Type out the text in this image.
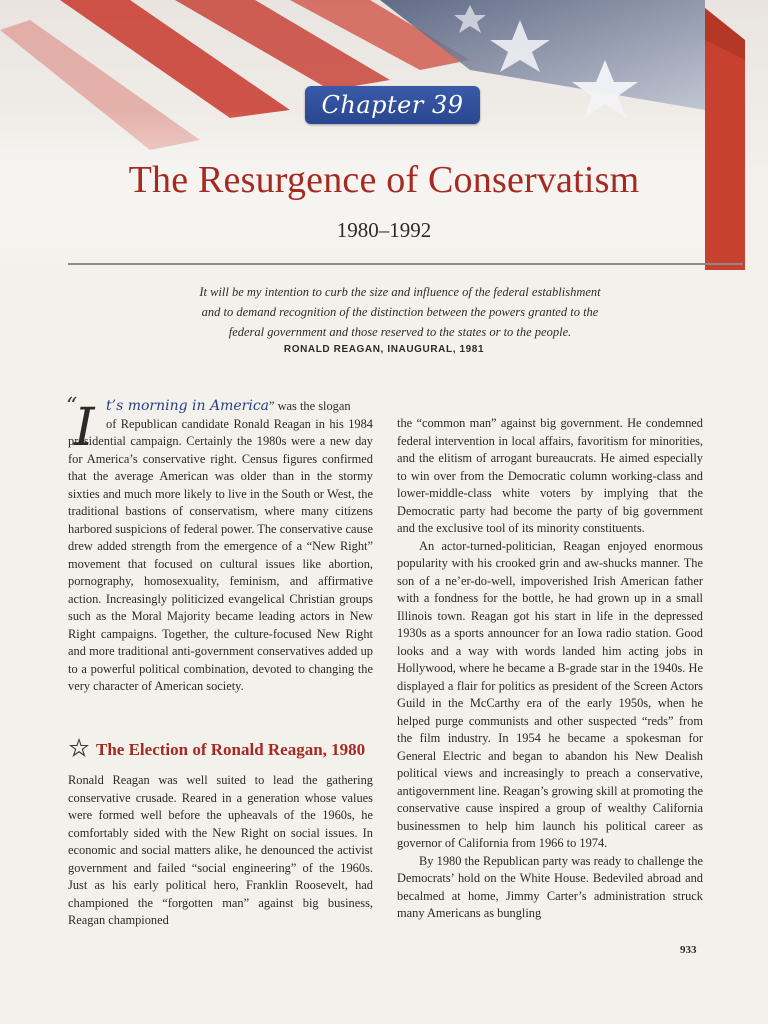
Chapter 39
The Resurgence of Conservatism
1980–1992
It will be my intention to curb the size and influence of the federal establishment
and to demand recognition of the distinction between the powers granted to the
federal government and those reserved to the states or to the people.
RONALD REAGAN, INAUGURAL, 1981
“
I t’s morning in America” was the slogan
of Republican candidate Ronald Reagan in his 1984 presidential campaign. Certainly the 1980s were a new day for America’s conservative right. Census figures confirmed that the average American was older than in the stormy sixties and much more likely to live in the South or West, the traditional bastions of conservatism, where many citizens harbored suspicions of federal power. The conservative cause drew added strength from the emergence of a “New Right” movement that focused on cultural issues like abortion, pornography, homosexuality, feminism, and affirmative action. Increasingly politicized evangelical Christian groups such as the Moral Majority became leading actors in New Right campaigns. Together, the culture-focused New Right and more traditional anti-government conservatives added up to a powerful political combination, devoted to changing the very character of American society.

The Election of Ronald Reagan, 1980

Ronald Reagan was well suited to lead the gathering conservative crusade. Reared in a generation whose values were formed well before the upheavals of the 1960s, he comfortably sided with the New Right on social issues. In economic and social matters alike, he denounced the activist government and failed “social engineering” of the 1960s. Just as his early political hero, Franklin Roosevelt, had championed the “forgotten man” against big business, Reagan championed

the “common man” against big government. He condemned federal intervention in local affairs, favoritism for minorities, and the elitism of arrogant bureaucrats. He aimed especially to win over from the Democratic column working-class and lower-middle-class white voters by implying that the Democratic party had become the party of big government and the exclusive tool of its minority constituents.

An actor-turned-politician, Reagan enjoyed enormous popularity with his crooked grin and aw-shucks manner. The son of a ne’er-do-well, impoverished Irish American father with a fondness for the bottle, he had grown up in a small Illinois town. Reagan got his start in life in the depressed 1930s as a sports announcer for an Iowa radio station. Good looks and a way with words landed him acting jobs in Hollywood, where he became a B-grade star in the 1940s. He displayed a flair for politics as president of the Screen Actors Guild in the McCarthy era of the early 1950s, when he helped purge communists and other suspected “reds” from the film industry. In 1954 he became a spokesman for General Electric and began to abandon his New Dealish political views and increasingly to preach a conservative, antigovernment line. Reagan’s growing skill at promoting the conservative cause inspired a group of wealthy California businessmen to help him launch his political career as governor of California from 1966 to 1974.

By 1980 the Republican party was ready to challenge the Democrats’ hold on the White House. Bedeviled abroad and becalmed at home, Jimmy Carter’s administration struck many Americans as bungling

933
